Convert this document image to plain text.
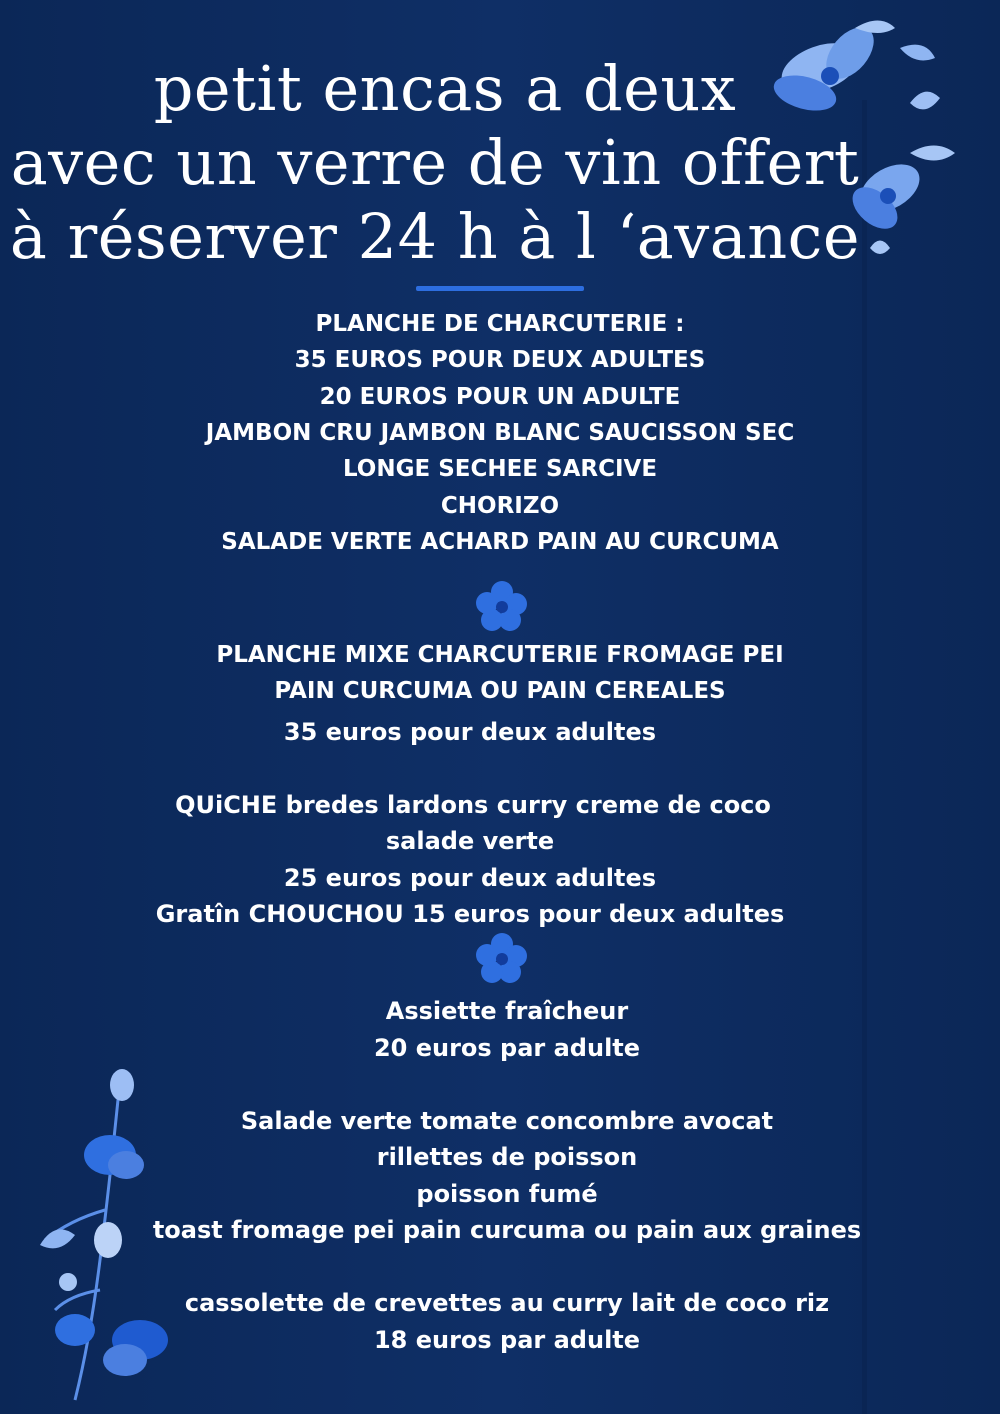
petit encas a deux
avec un verre de vin offert
à réserver 24 h à l ‘avance
PLANCHE DE CHARCUTERIE :
35 EUROS POUR DEUX ADULTES
20 EUROS POUR UN ADULTE
JAMBON CRU JAMBON BLANC SAUCISSON SEC
LONGE SECHEE SARCIVE
CHORIZO
SALADE VERTE ACHARD PAIN AU CURCUMA
PLANCHE MIXE CHARCUTERIE FROMAGE PEI
PAIN CURCUMA OU PAIN CEREALES
35 euros pour deux adultes
QUiCHE bredes lardons curry creme de coco
salade verte
25 euros pour deux adultes
Gratîn CHOUCHOU 15 euros pour deux adultes
Assiette fraîcheur
20 euros par adulte
Salade verte tomate concombre avocat
rillettes de poisson
poisson fumé
toast fromage pei pain curcuma ou pain aux graines
cassolette de crevettes au curry lait de coco riz
18 euros par adulte
